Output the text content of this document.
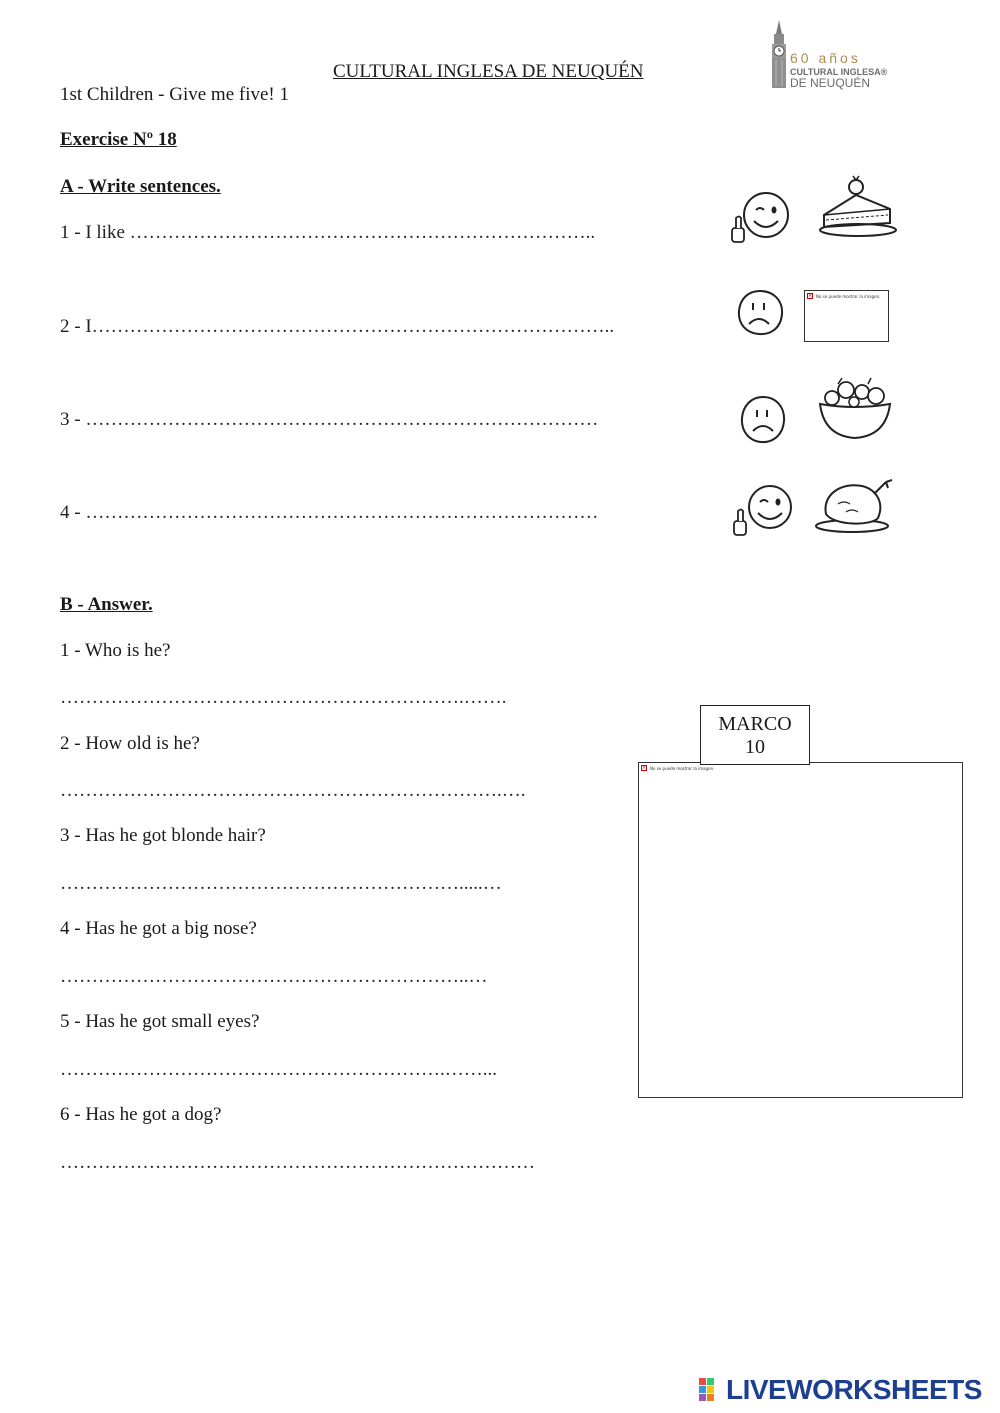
CULTURAL INGLESA DE NEUQUÉN
1st Children - Give me five! 1
60 años
CULTURAL INGLESA®
DE NEUQUÉN
Exercise Nº 18
A - Write sentences.
1 - I like ………………………………………………………………..
2 - I………………………………………………………………………..
3 - ………………………………………………………………………
4 - ………………………………………………………………………
× No se puede mostrar la imagen.
B - Answer.
1 - Who is he?
……………………………………………………….…….
2 - How old is he?
…………………………………………………………….….
3 - Has he got blonde hair?
……………………………………………………….....…
4 - Has he got a big nose?
………………………………………………………..…
5 - Has he got small eyes?
…………………………………………………….……...
6 - Has he got a dog?
…………………………………………………………………
MARCO
10
× No se puede mostrar la imagen.
LIVEWORKSHEETS
